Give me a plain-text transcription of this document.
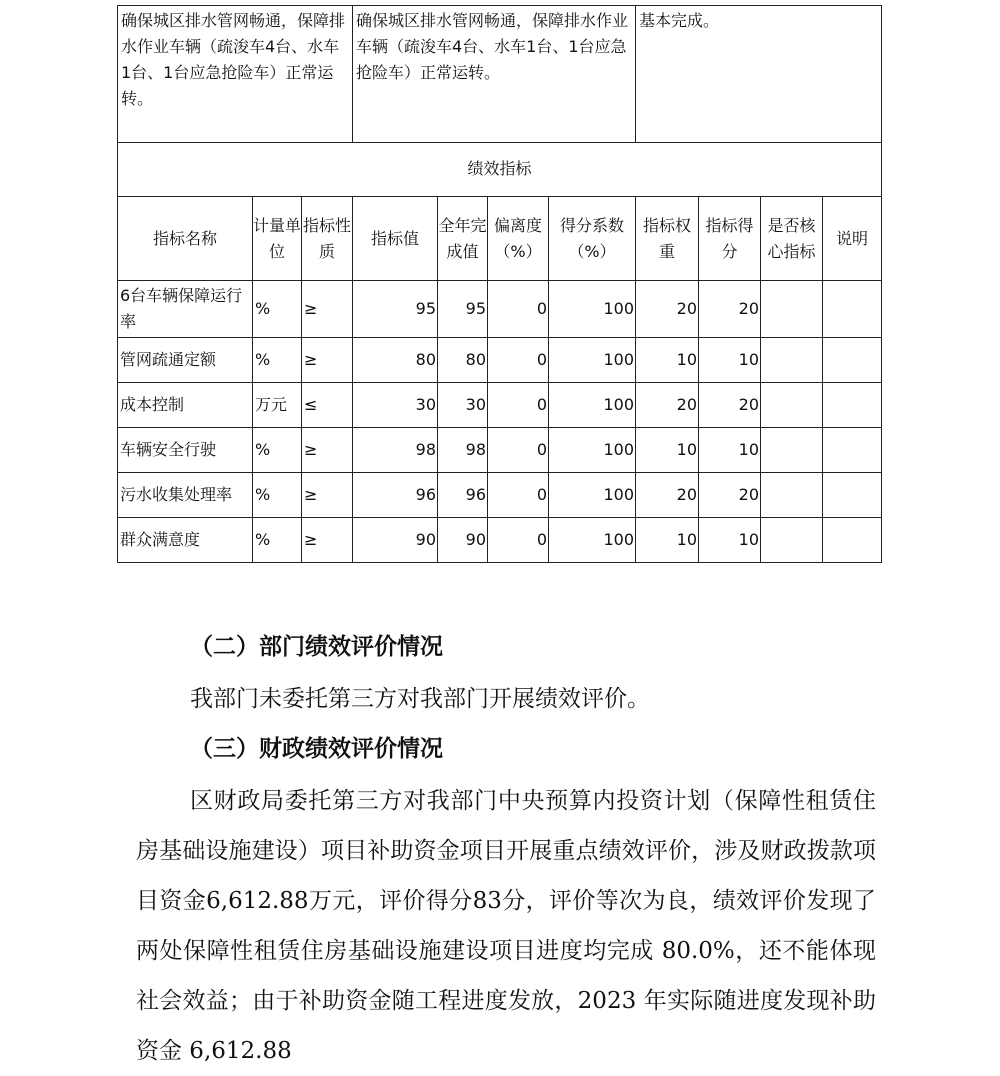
确保城区排水管网畅通，保障排水作业车辆（疏浚车4台、水车1台、1台应急抢险车）正常运转。			确保城区排水管网畅通，保障排水作业车辆（疏浚车4台、水车1台、1台应急抢险车）正常运转。				基本完成。			
绩效指标										
指标名称	计量单位	指标性质	指标值	全年完成值	偏离度（%）	得分系数（%）	指标权重	指标得分	是否核心指标	说明
6台车辆保障运行率	%	≥	95	95	0	100	20	20		
管网疏通定额	%	≥	80	80	0	100	10	10		
成本控制	万元	≤	30	30	0	100	20	20		
车辆安全行驶	%	≥	98	98	0	100	10	10		
污水收集处理率	%	≥	96	96	0	100	20	20		
群众满意度	%	≥	90	90	0	100	10	10		
（二）部门绩效评价情况
我部门未委托第三方对我部门开展绩效评价。
（三）财政绩效评价情况
区财政局委托第三方对我部门中央预算内投资计划（保障性租赁住房基础设施建设）项目补助资金项目开展重点绩效评价，涉及财政拨款项目资金6,612.88万元，评价得分83分，评价等次为良，绩效评价发现了两处保障性租赁住房基础设施建设项目进度均完成 80.0%，还不能体现社会效益；由于补助资金随工程进度发放，2023 年实际随进度发现补助资金 6,612.88
